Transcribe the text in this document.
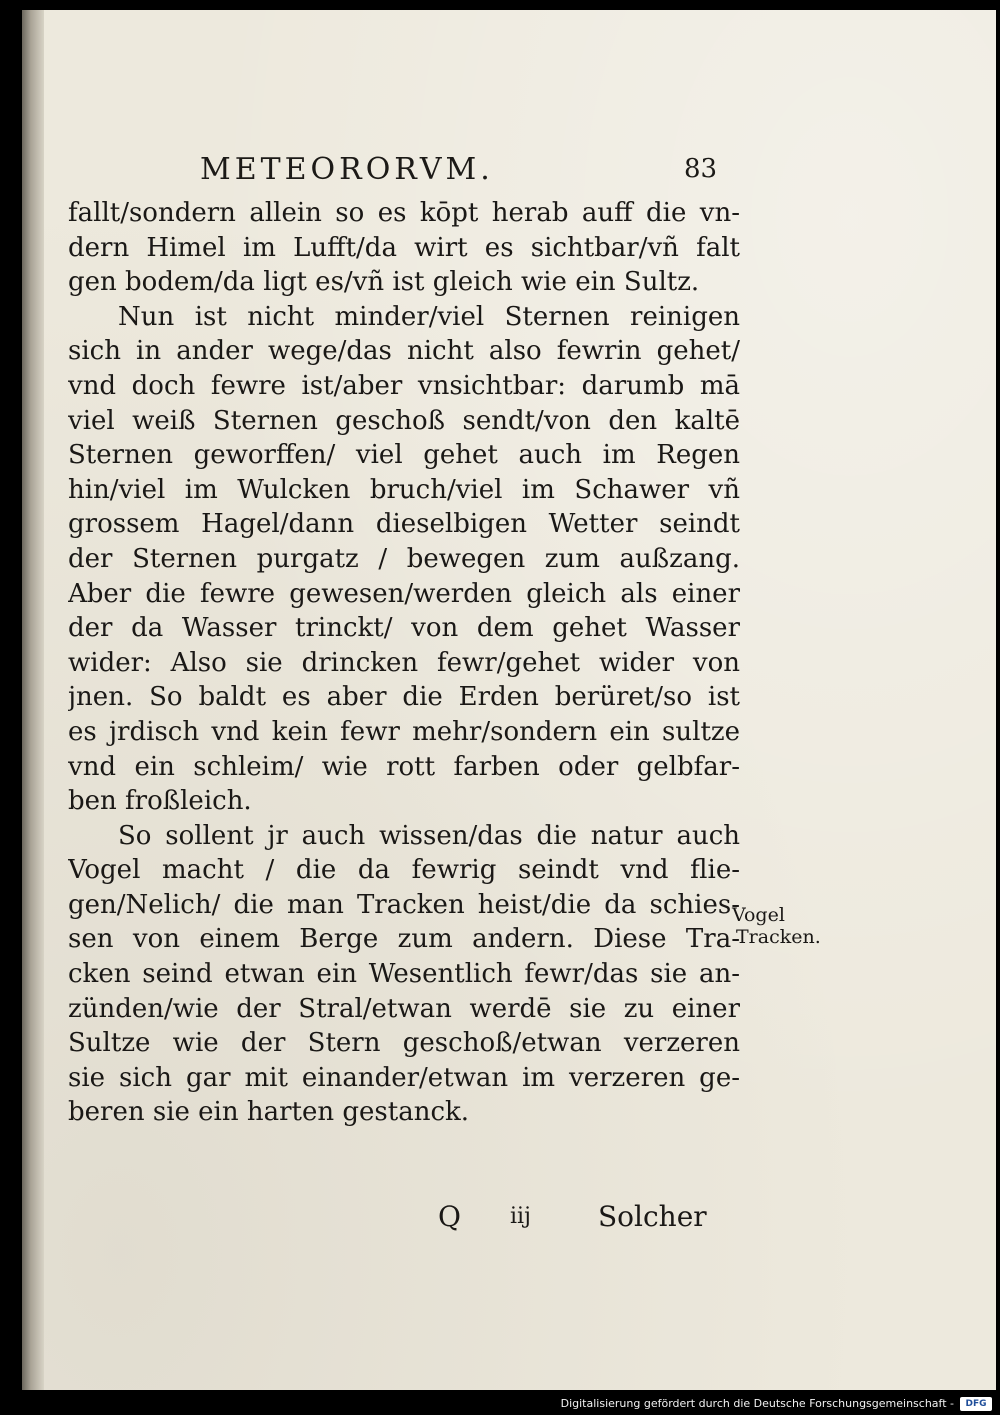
METEORORVM.	83
fallt/sondern allein so es kōpt herab auff die vn-
dern Himel im Lufft/da wirt es sichtbar/vñ falt
gen bodem/da ligt es/vñ ist gleich wie ein Sultz.
Nun ist nicht minder/viel Sternen reinigen
sich in ander wege/das nicht also fewrin gehet/
vnd doch fewre ist/aber vnsichtbar: darumb mā
viel weiß Sternen geschoß sendt/von den kaltē
Sternen geworffen/ viel gehet auch im Regen
hin/viel im Wulcken bruch/viel im Schawer vñ
grossem Hagel/dann dieselbigen Wetter seindt
der Sternen purgatz / bewegen zum außzang.
Aber die fewre gewesen/werden gleich als einer
der da Wasser trinckt/ von dem gehet Wasser
wider: Also sie drincken fewr/gehet wider von
jnen. So baldt es aber die Erden berüret/so ist
es jrdisch vnd kein fewr mehr/sondern ein sultze
vnd ein schleim/ wie rott farben oder gelbfar-
ben froßleich.
So sollent jr auch wissen/das die natur auch
Vogel macht / die da fewrig seindt vnd flie-
gen/Nelich/ die man Tracken heist/die da schies-
sen von einem Berge zum andern. Diese Tra-
cken seind etwan ein Wesentlich fewr/das sie an-
zünden/wie der Stral/etwan werdē sie zu einer
Sultze wie der Stern geschoß/etwan verzeren
sie sich gar mit einander/etwan im verzeren ge-
beren sie ein harten gestanck.
Vogel
Tracken.
Q iij Solcher
Digitalisierung gefördert durch die Deutsche Forschungsgemeinschaft -	DFG
